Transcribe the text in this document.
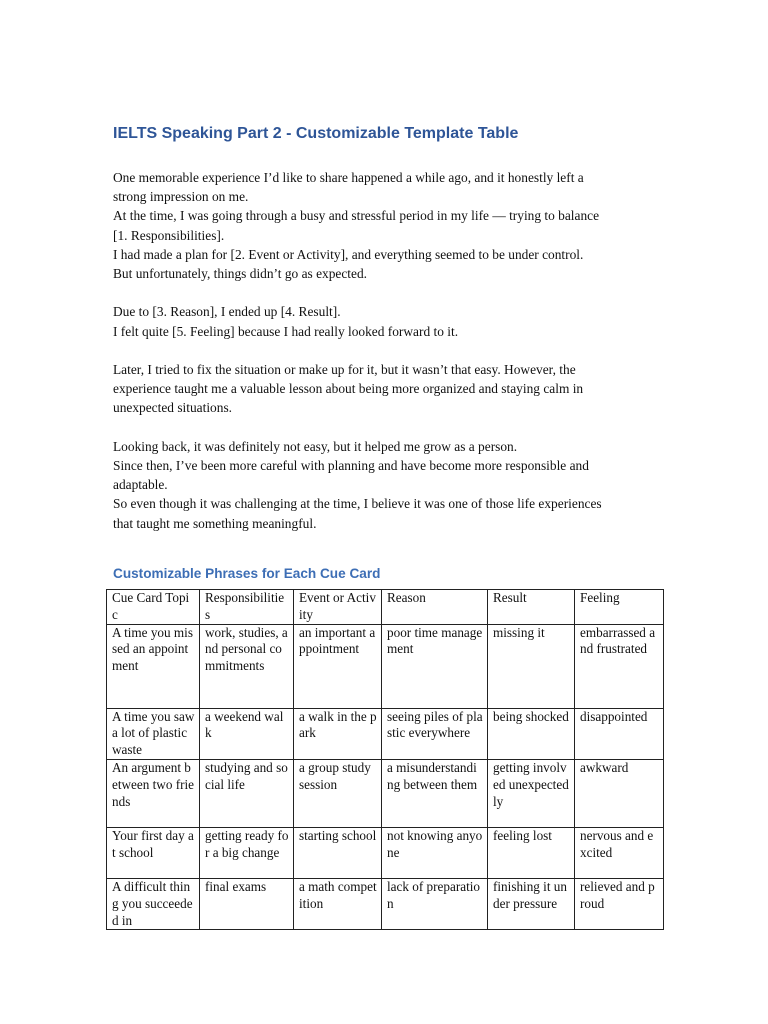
IELTS Speaking Part 2 - Customizable Template Table

One memorable experience I’d like to share happened a while ago, and it honestly left a
strong impression on me.
At the time, I was going through a busy and stressful period in my life — trying to balance
[1. Responsibilities].
I had made a plan for [2. Event or Activity], and everything seemed to be under control.
But unfortunately, things didn’t go as expected.

Due to [3. Reason], I ended up [4. Result].
I felt quite [5. Feeling] because I had really looked forward to it.

Later, I tried to fix the situation or make up for it, but it wasn’t that easy. However, the
experience taught me a valuable lesson about being more organized and staying calm in
unexpected situations.

Looking back, it was definitely not easy, but it helped me grow as a person.
Since then, I’ve been more careful with planning and have become more responsible and
adaptable.
So even though it was challenging at the time, I believe it was one of those life experiences
that taught me something meaningful.

Customizable Phrases for Each Cue Card
Cue Card Topic	Responsibilities	Event or Activity	Reason	Result	Feeling
A time you missed an appointment	work, studies, and personal commitments	an important appointment	poor time management	missing it	embarrassed and frustrated
A time you saw a lot of plastic waste	a weekend walk	a walk in the park	seeing piles of plastic everywhere	being shocked	disappointed
An argument between two friends	studying and social life	a group study session	a misunderstanding between them	getting involved unexpectedly	awkward
Your first day at school	getting ready for a big change	starting school	not knowing anyone	feeling lost	nervous and excited
A difficult thing you succeeded in	final exams	a math competition	lack of preparation	finishing it under pressure	relieved and proud
